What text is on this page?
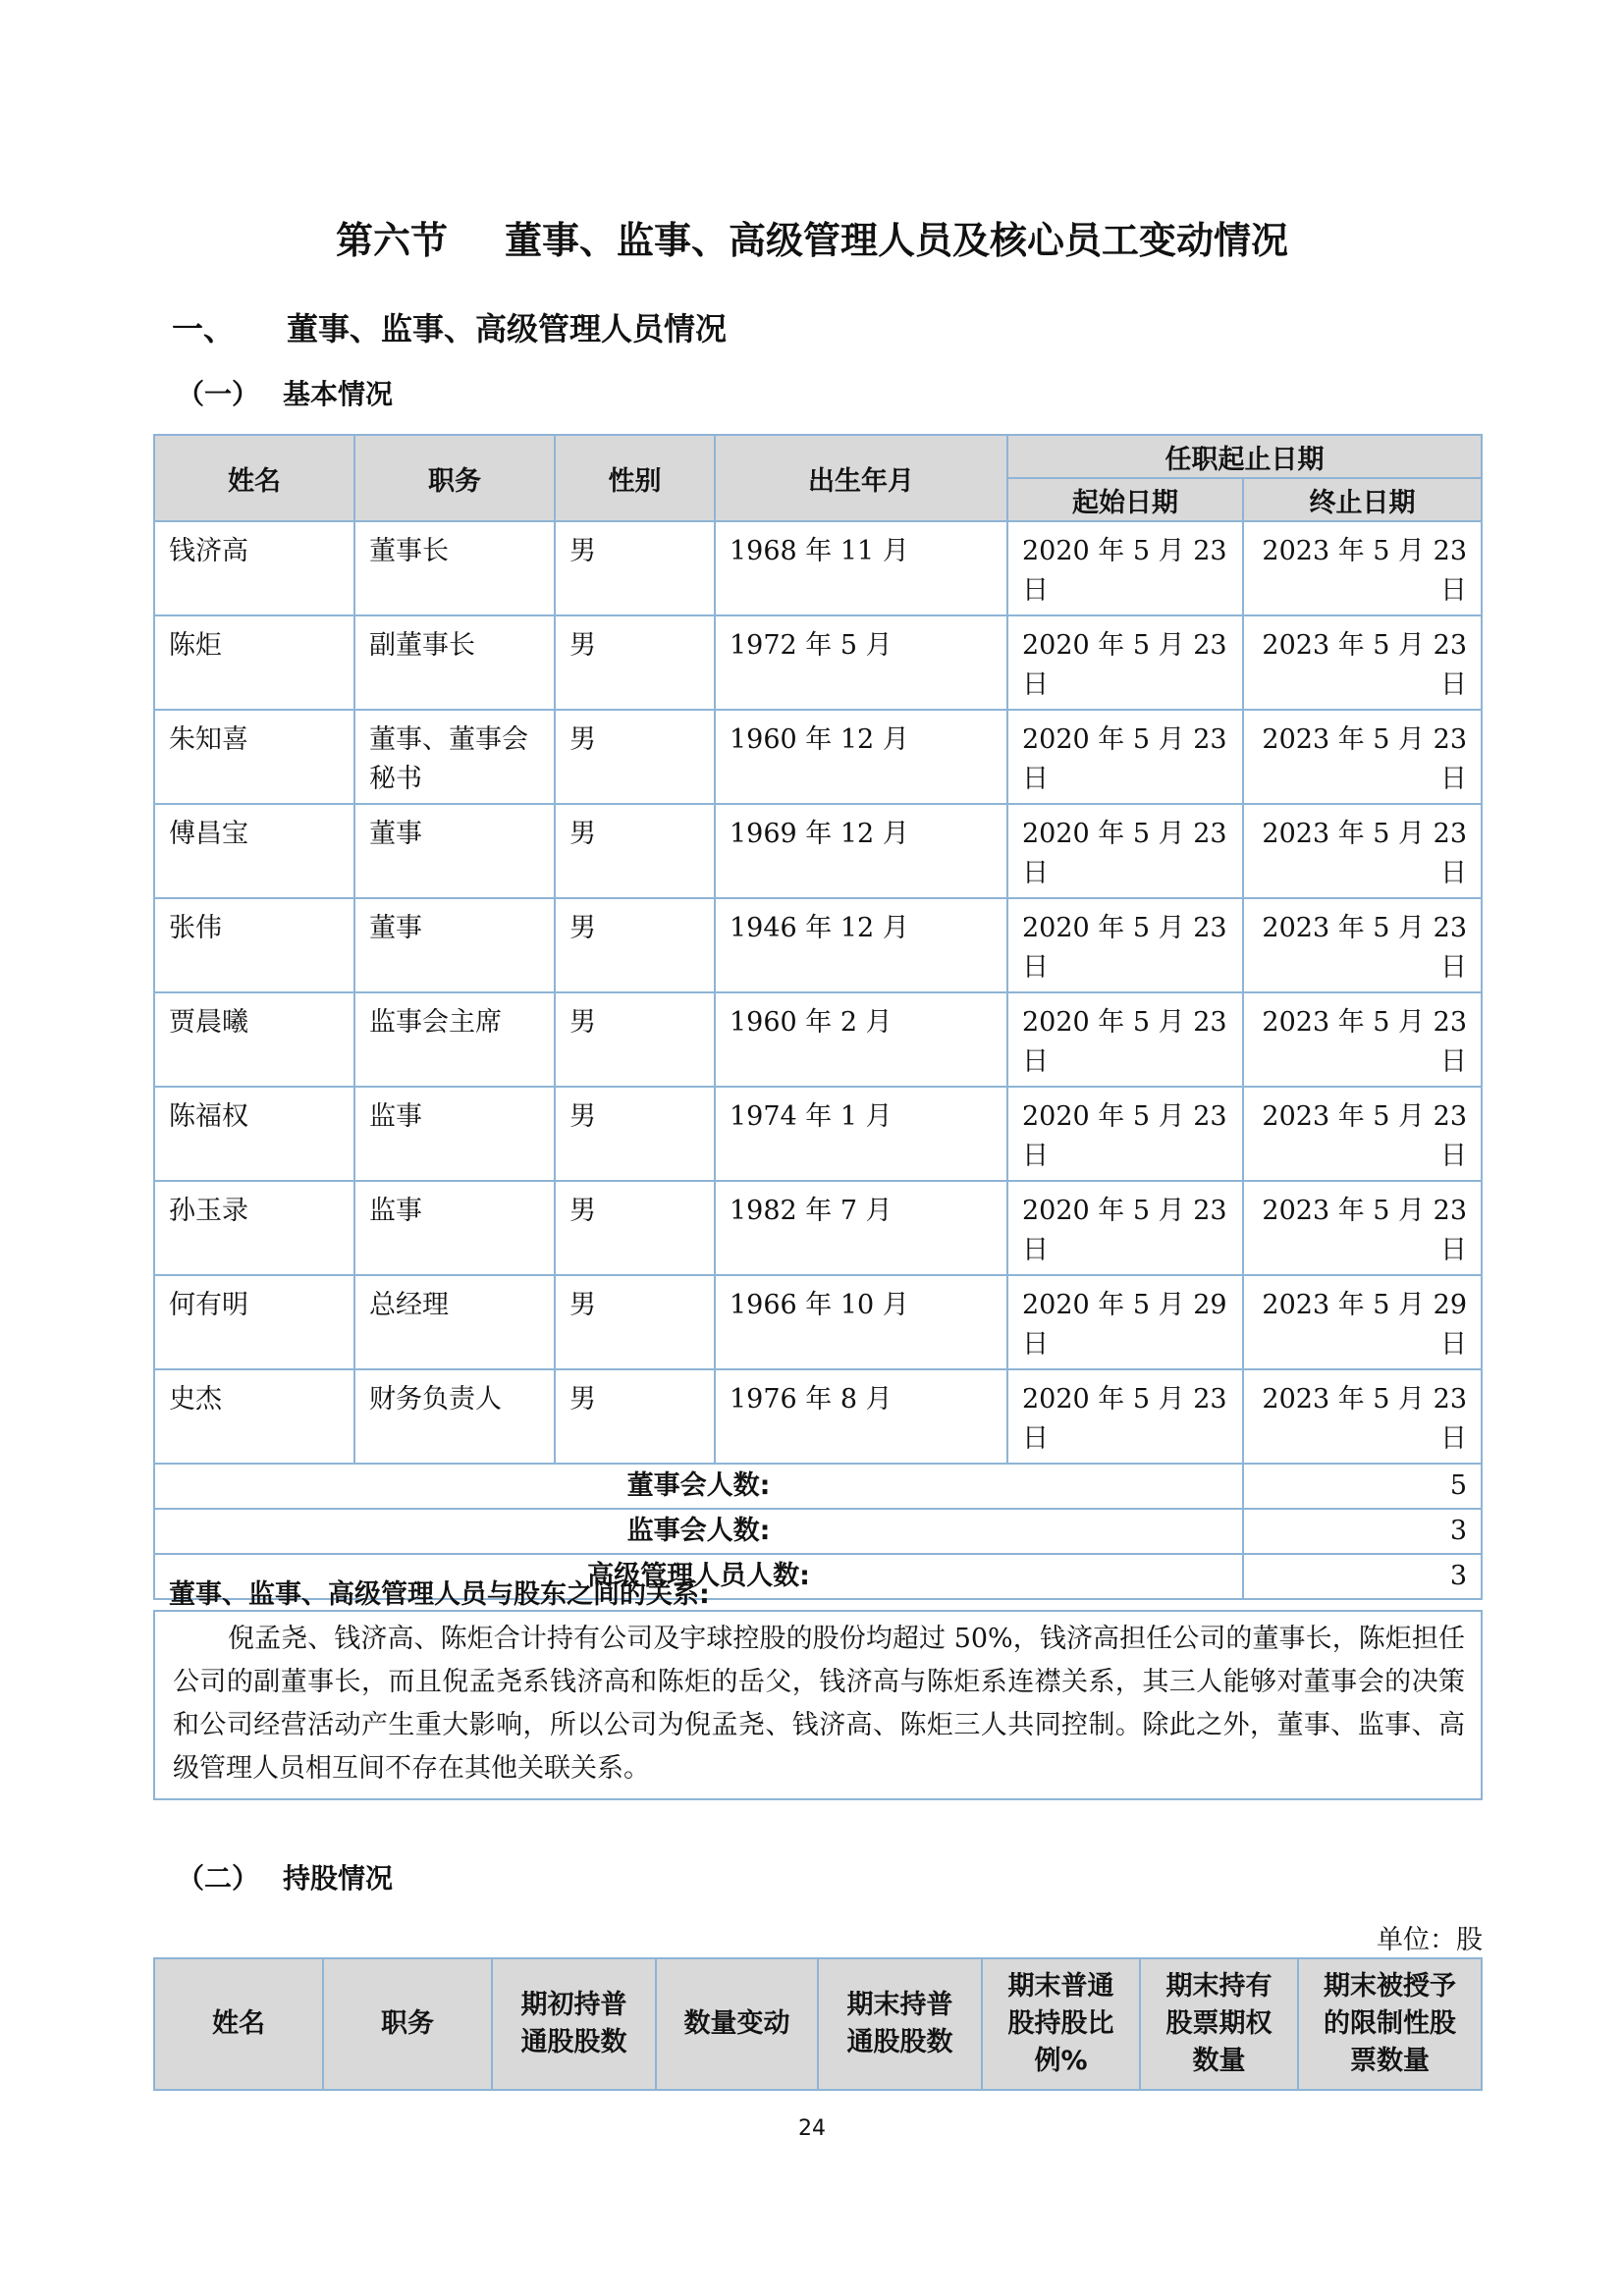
第六节 董事、监事、高级管理人员及核心员工变动情况
一、 董事、监事、高级管理人员情况
（一） 基本情况
姓名	职务	性别	出生年月	任职起止日期	
				起始日期	终止日期
钱济高	董事长	男	1968 年 11 月	2020 年 5 月 23 日	2023 年 5 月 23 日
陈炬	副董事长	男	1972 年 5 月	2020 年 5 月 23 日	2023 年 5 月 23 日
朱知喜	董事、董事会秘书	男	1960 年 12 月	2020 年 5 月 23 日	2023 年 5 月 23 日
傅昌宝	董事	男	1969 年 12 月	2020 年 5 月 23 日	2023 年 5 月 23 日
张伟	董事	男	1946 年 12 月	2020 年 5 月 23 日	2023 年 5 月 23 日
贾晨曦	监事会主席	男	1960 年 2 月	2020 年 5 月 23 日	2023 年 5 月 23 日
陈福权	监事	男	1974 年 1 月	2020 年 5 月 23 日	2023 年 5 月 23 日
孙玉录	监事	男	1982 年 7 月	2020 年 5 月 23 日	2023 年 5 月 23 日
何有明	总经理	男	1966 年 10 月	2020 年 5 月 29 日	2023 年 5 月 29 日
史杰	财务负责人	男	1976 年 8 月	2020 年 5 月 23 日	2023 年 5 月 23 日
董事会人数:					5
监事会人数:					3
高级管理人员人数:					3
董事、监事、高级管理人员与股东之间的关系:
倪孟尧、钱济高、陈炬合计持有公司及宇球控股的股份均超过 50%，钱济高担任公司的董事长，陈炬担任公司的副董事长，而且倪孟尧系钱济高和陈炬的岳父，钱济高与陈炬系连襟关系，其三人能够对董事会的决策和公司经营活动产生重大影响，所以公司为倪孟尧、钱济高、陈炬三人共同控制。除此之外，董事、监事、高级管理人员相互间不存在其他关联关系。
（二） 持股情况
单位：股
姓名	职务	期初持普通股股数	数量变动	期末持普通股股数	期末普通股持股比例%	期末持有股票期权数量	期末被授予的限制性股票数量
24
